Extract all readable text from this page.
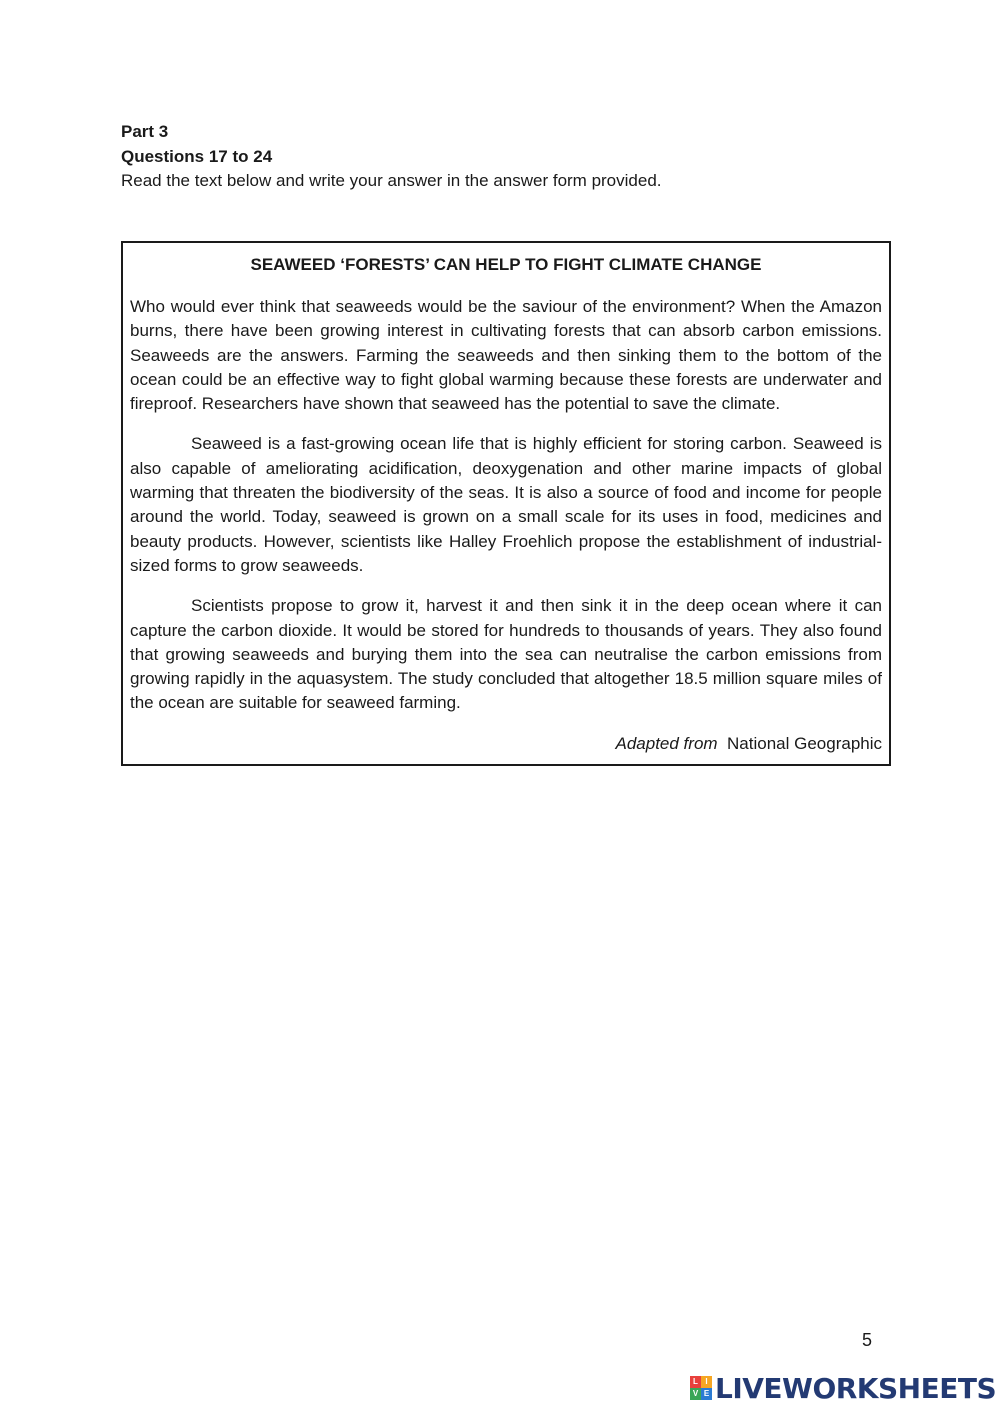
Part 3
Questions 17 to 24
Read the text below and write your answer in the answer form provided.
SEAWEED ‘FORESTS’ CAN HELP TO FIGHT CLIMATE CHANGE

Who would ever think that seaweeds would be the saviour of the environment? When the Amazon burns, there have been growing interest in cultivating forests that can absorb carbon emissions. Seaweeds are the answers. Farming the seaweeds and then sinking them to the bottom of the ocean could be an effective way to fight global warming because these forests are underwater and fireproof. Researchers have shown that seaweed has the potential to save the climate.

Seaweed is a fast-growing ocean life that is highly efficient for storing carbon. Seaweed is also capable of ameliorating acidification, deoxygenation and other marine impacts of global warming that threaten the biodiversity of the seas. It is also a source of food and income for people around the world. Today, seaweed is grown on a small scale for its uses in food, medicines and beauty products. However, scientists like Halley Froehlich propose the establishment of industrial-sized forms to grow seaweeds.

Scientists propose to grow it, harvest it and then sink it in the deep ocean where it can capture the carbon dioxide. It would be stored for hundreds to thousands of years. They also found that growing seaweeds and burying them into the sea can neutralise the carbon emissions from growing rapidly in the aquasystem. The study concluded that altogether 18.5 million square miles of the ocean are suitable for seaweed farming.

Adapted from National Geographic

5
L I
V E LIVEWORKSHEETS
